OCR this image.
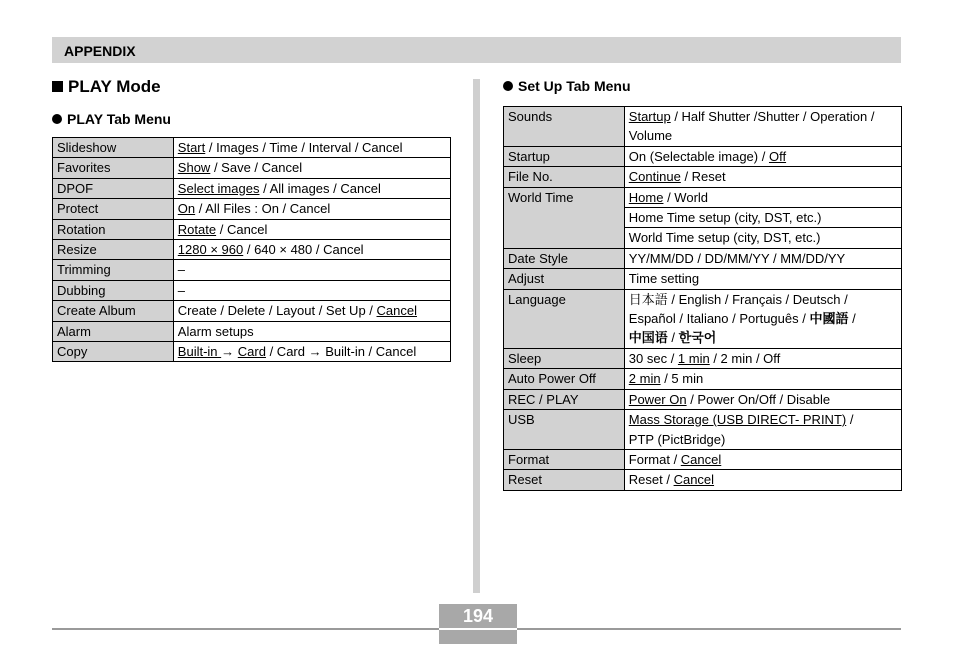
APPENDIX
PLAY Mode
PLAY Tab Menu
Slideshow	Start / Images / Time / Interval / Cancel
Favorites	Show / Save / Cancel
DPOF	Select images / All images / Cancel
Protect	On / All Files : On / Cancel
Rotation	Rotate / Cancel
Resize	1280 × 960 / 640 × 480 / Cancel
Trimming	–
Dubbing	–
Create Album	Create / Delete / Layout / Set Up / Cancel
Alarm	Alarm setups
Copy	Built-in → Card / Card → Built-in / Cancel
Set Up Tab Menu
Sounds	Startup / Half Shutter /Shutter / Operation /
Volume
Startup	On (Selectable image) / Off
File No.	Continue / Reset
World Time	Home / World
	Home Time setup (city, DST, etc.)
	World Time setup (city, DST, etc.)
Date Style	YY/MM/DD / DD/MM/YY / MM/DD/YY
Adjust	Time setting
Language	日本語 / English / Français / Deutsch /
Español / Italiano / Português / 中國語 /
中国语 / 한국어
Sleep	30 sec / 1 min / 2 min / Off
Auto Power Off	2 min / 5 min
REC / PLAY	Power On / Power On/Off / Disable
USB	Mass Storage (USB DIRECT- PRINT) /
PTP (PictBridge)
Format	Format / Cancel
Reset	Reset / Cancel
194
